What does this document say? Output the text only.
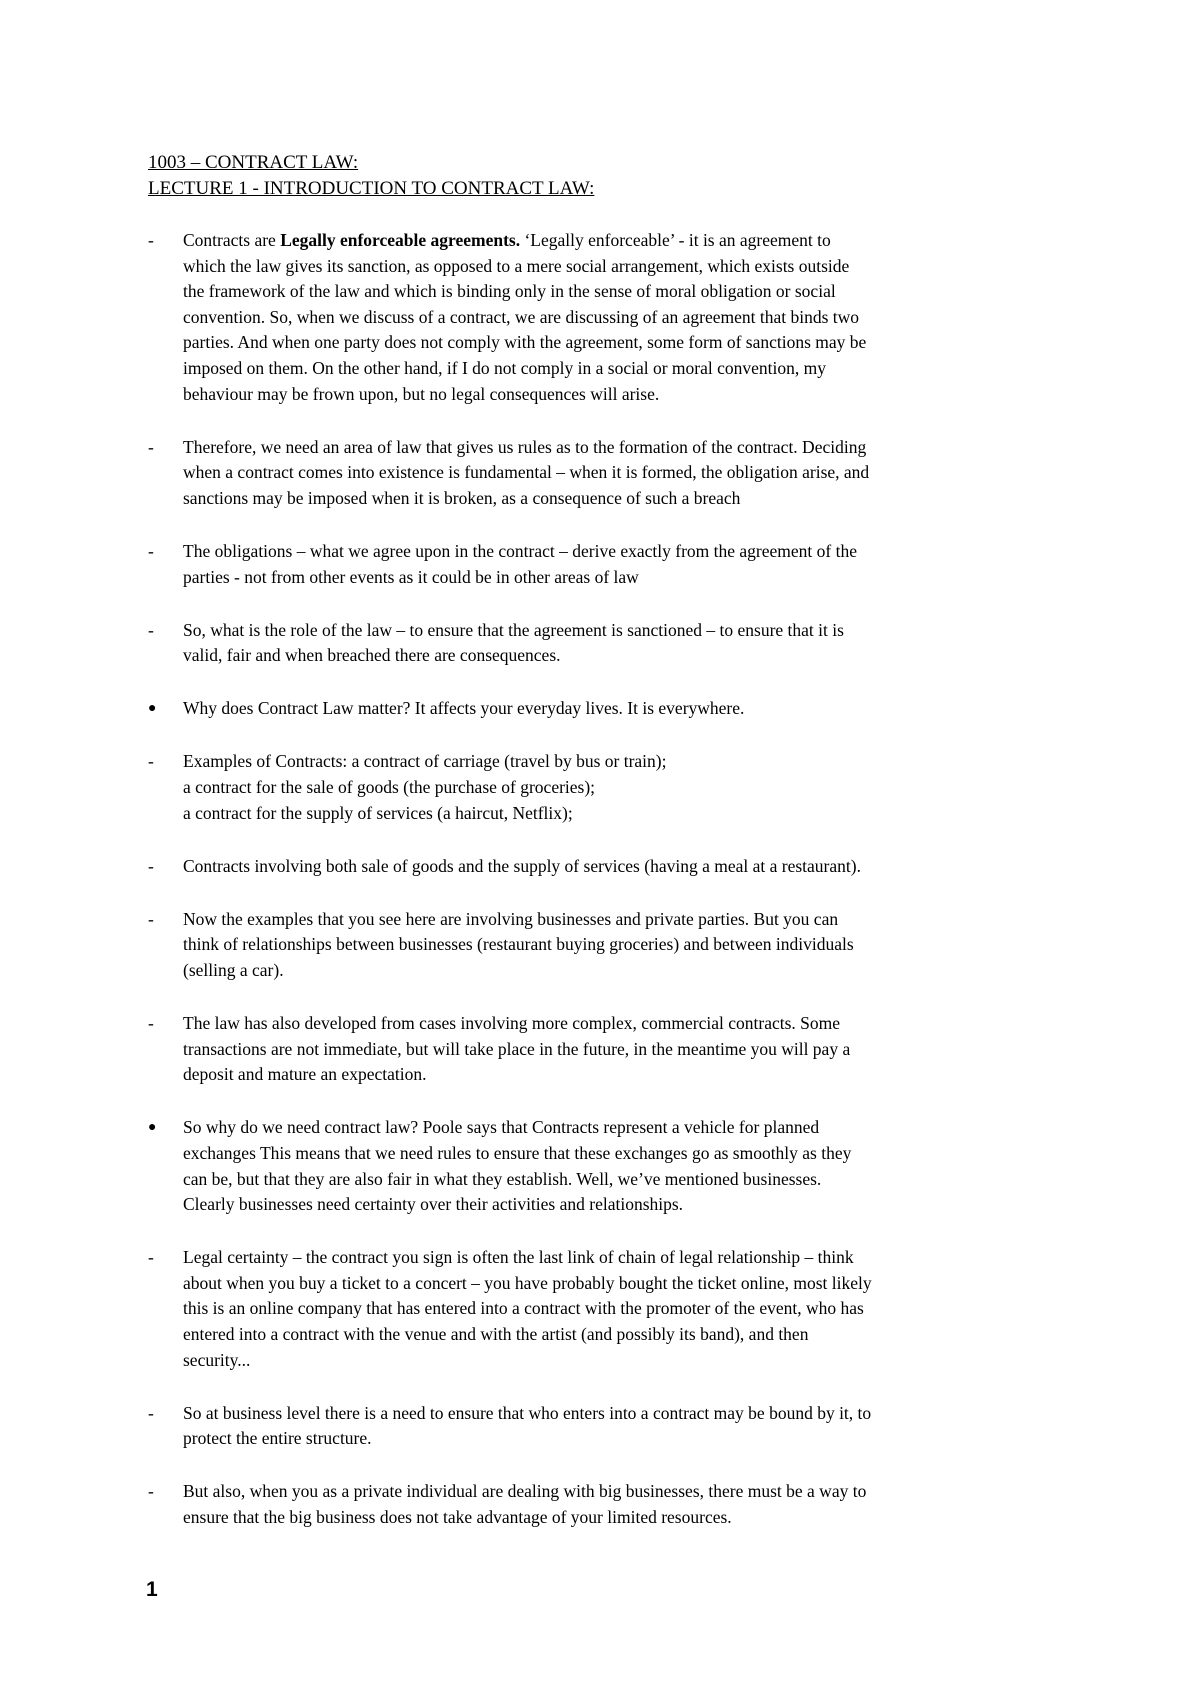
1003 – CONTRACT LAW:
LECTURE 1 - INTRODUCTION TO CONTRACT LAW:
-	Contracts are Legally enforceable agreements. ‘Legally enforceable’ - it is an agreement to
which the law gives its sanction, as opposed to a mere social arrangement, which exists outside
the framework of the law and which is binding only in the sense of moral obligation or social
convention. So, when we discuss of a contract, we are discussing of an agreement that binds two
parties. And when one party does not comply with the agreement, some form of sanctions may be
imposed on them. On the other hand, if I do not comply in a social or moral convention, my
behaviour may be frown upon, but no legal consequences will arise.
-	Therefore, we need an area of law that gives us rules as to the formation of the contract. Deciding
when a contract comes into existence is fundamental – when it is formed, the obligation arise, and
sanctions may be imposed when it is broken, as a consequence of such a breach
-	The obligations – what we agree upon in the contract – derive exactly from the agreement of the
parties - not from other events as it could be in other areas of law
-	So, what is the role of the law – to ensure that the agreement is sanctioned – to ensure that it is
valid, fair and when breached there are consequences.
●	Why does Contract Law matter? It affects your everyday lives. It is everywhere.
-	Examples of Contracts: a contract of carriage (travel by bus or train);
a contract for the sale of goods (the purchase of groceries);
a contract for the supply of services (a haircut, Netflix);
-	Contracts involving both sale of goods and the supply of services (having a meal at a restaurant).
-	Now the examples that you see here are involving businesses and private parties. But you can
think of relationships between businesses (restaurant buying groceries) and between individuals
(selling a car).
-	The law has also developed from cases involving more complex, commercial contracts. Some
transactions are not immediate, but will take place in the future, in the meantime you will pay a
deposit and mature an expectation.
●	So why do we need contract law? Poole says that Contracts represent a vehicle for planned
exchanges This means that we need rules to ensure that these exchanges go as smoothly as they
can be, but that they are also fair in what they establish. Well, we’ve mentioned businesses.
Clearly businesses need certainty over their activities and relationships.
-	Legal certainty – the contract you sign is often the last link of chain of legal relationship – think
about when you buy a ticket to a concert – you have probably bought the ticket online, most likely
this is an online company that has entered into a contract with the promoter of the event, who has
entered into a contract with the venue and with the artist (and possibly its band), and then
security...
-	So at business level there is a need to ensure that who enters into a contract may be bound by it, to
protect the entire structure.
-	But also, when you as a private individual are dealing with big businesses, there must be a way to
ensure that the big business does not take advantage of your limited resources.
1
